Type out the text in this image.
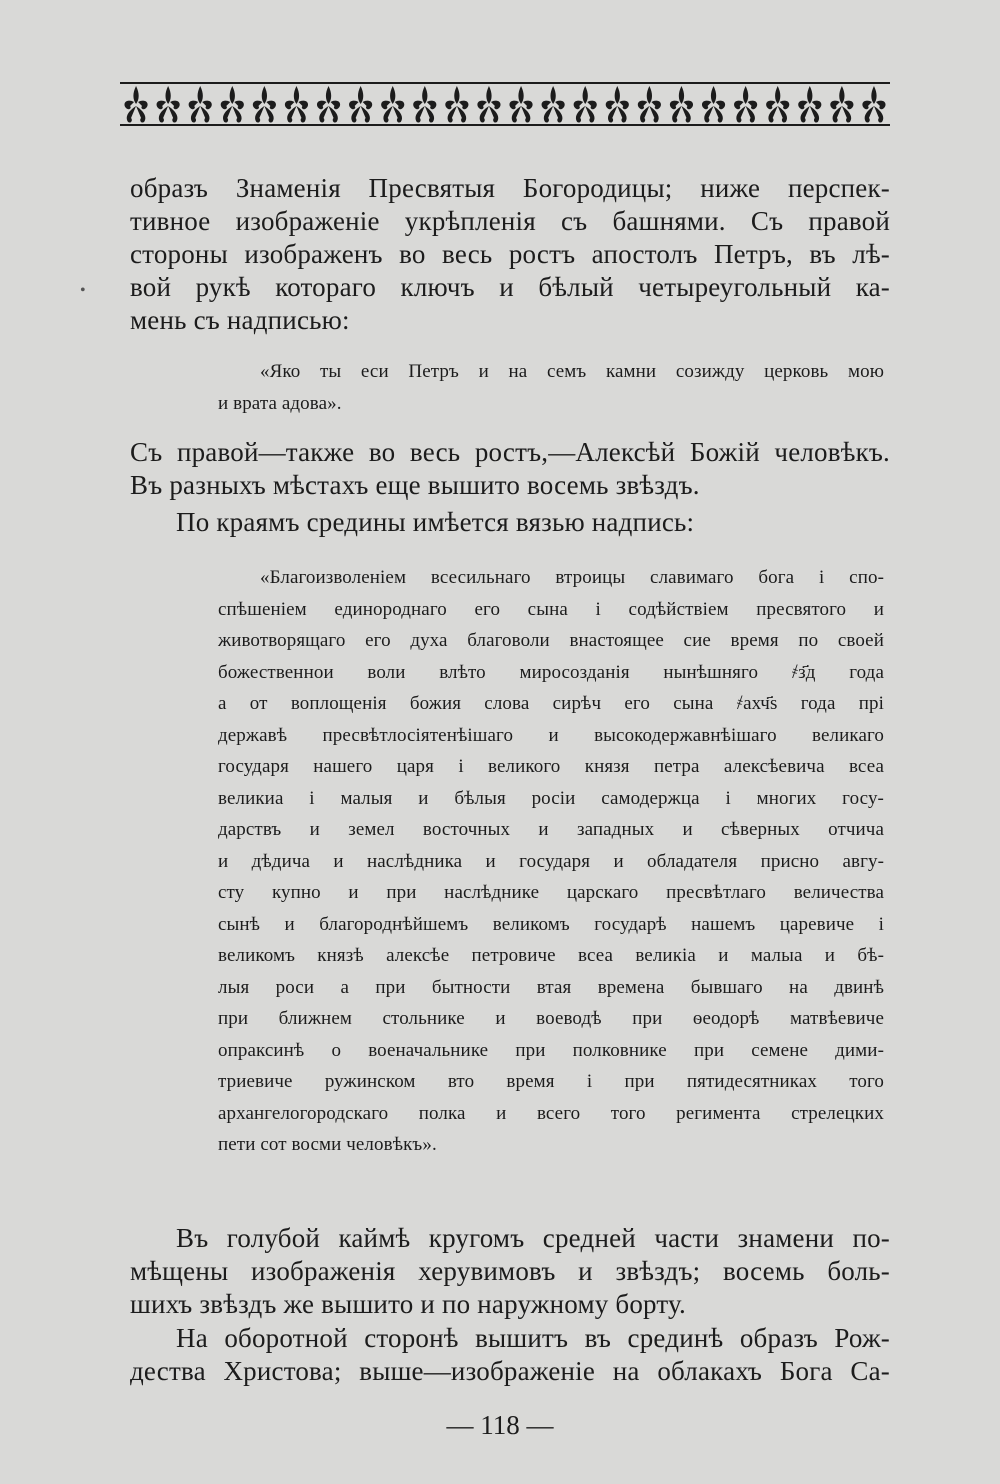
•
образъ Знаменія Пресвятыя Богородицы; ниже перспек-
тивное изображеніе укрѣпленія съ башнями. Съ правой
стороны изображенъ во весь ростъ апостолъ Петръ, въ лѣ-
вой рукѣ котораго ключъ и бѣлый четыреугольный ка-
мень съ надписью:
«Яко ты еси Петръ и на семъ камни созижду церковь мою
и врата адова».
Съ правой—также во весь ростъ,—Алексѣй Божій человѣкъ.
Въ разныхъ мѣстахъ еще вышито восемь звѣздъ.
По краямъ средины имѣется вязью надпись:
«Благоизволеніем всесильнаго втроицы славимаго бога і спо-
спѣшеніем единороднаго его сына і содѣйствіем пресвятого и
животворящаго его духа благоволи внастоящее сие время по своей
божественнои воли влѣто миросозданія нынѣшняго ҂з҃д года
а от воплощенія божия слова сирѣч его сына ҂ахч҃ѕ года прі
державѣ пресвѣтлосіятенѣішаго и высокодержавнѣішаго великаго
государя нашего царя і великого князя петра алексѣевича всеа
великиа і малыя и бѣлыя росіи самодержца і многих госу-
дарствъ и земел восточных и западных и сѣверных отчича
и дѣдича и наслѣдника и государя и обладателя присно авгу-
сту купно и при наслѣднике царскаго пресвѣтлаго величества
сынѣ и благороднѣйшемъ великомъ государѣ нашемъ царевиче і
великомъ князѣ алексѣе петровиче всеа великіа и малыа и бѣ-
лыя роси а при бытности втая времена бывшаго на двинѣ
при ближнем стольнике и воеводѣ при ѳеодорѣ матвѣевиче
опраксинѣ о военачальнике при полковнике при семене дими-
триевиче ружинском вто время і при пятидесятниках того
архангелогородскаго полка и всего того регимента стрелецких
пети сот восми человѣкъ».
Въ голубой каймѣ кругомъ средней части знамени по-
мѣщены изображенія херувимовъ и звѣздъ; восемь боль-
шихъ звѣздъ же вышито и по наружному борту.
На оборотной сторонѣ вышитъ въ срединѣ образъ Рож-
дества Христова; выше—изображеніе на облакахъ Бога Са-
— 118 —
